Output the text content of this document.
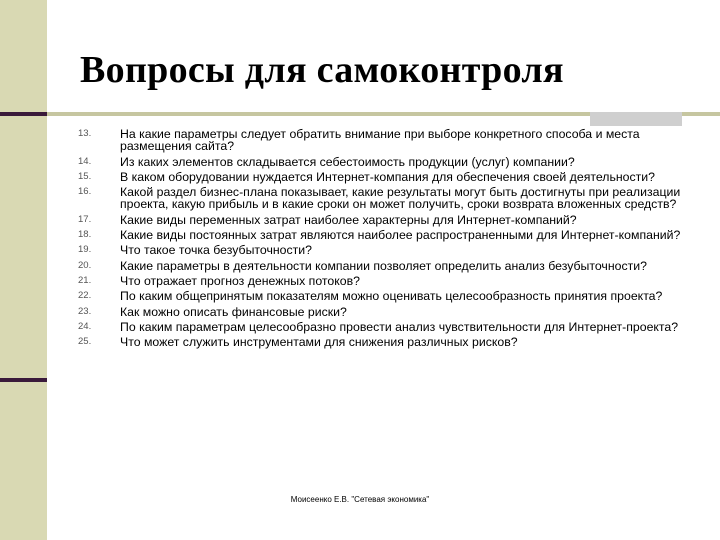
Вопросы для самоконтроля
13.	На какие параметры следует обратить внимание при выборе конкретного способа и места размещения сайта?
14.	Из каких элементов складывается себестоимость продукции (услуг) компании?
15.	В каком оборудовании нуждается Интернет-компания для обеспечения своей деятельности?
16.	Какой раздел бизнес-плана показывает, какие результаты могут быть достигнуты при реализации проекта, какую прибыль и в какие сроки он может получить, сроки возврата вложенных средств?
17.	Какие виды переменных затрат наиболее характерны для Интернет-компаний?
18.	Какие виды постоянных затрат являются наиболее распространенными для Интернет-компаний?
19.	Что такое точка безубыточности?
20.	Какие параметры в деятельности компании позволяет определить анализ безубыточности?
21.	Что отражает прогноз денежных потоков?
22.	По каким общепринятым показателям можно оценивать целесообразность принятия проекта?
23.	Как можно описать финансовые риски?
24.	По каким параметрам целесообразно провести анализ чувствительности для Интернет-проекта?
25.	Что может служить инструментами для снижения различных рисков?
Моисеенко Е.В. "Сетевая экономика"
